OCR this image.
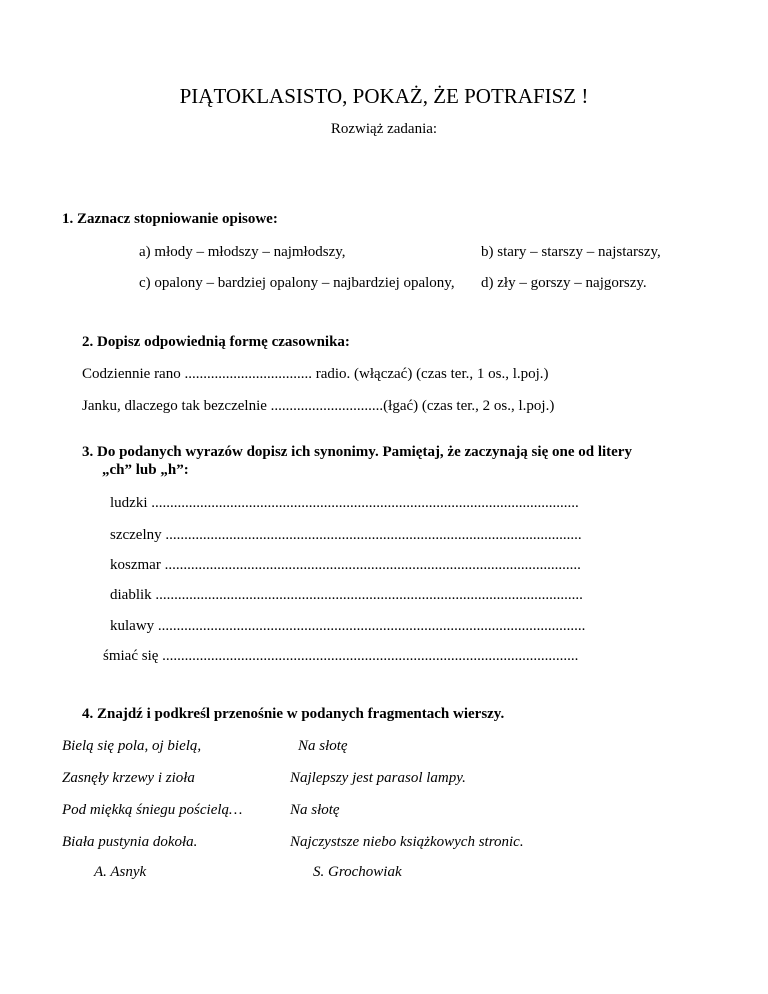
PIĄTOKLASISTO, POKAŻ, ŻE POTRAFISZ !
Rozwiąż zadania:
1. Zaznacz stopniowanie opisowe:
a) młody – młodszy – najmłodszy,	b) stary – starszy – najstarszy,
c) opalony – bardziej opalony – najbardziej opalony, d) zły – gorszy – najgorszy.
2. Dopisz odpowiednią formę czasownika:
Codziennie rano .................................. radio. (włączać) (czas ter., 1 os., l.poj.)
Janku, dlaczego tak bezczelnie ..............................(łgać) (czas ter., 2 os., l.poj.)
3. Do podanych wyrazów dopisz ich synonimy. Pamiętaj, że zaczynają się one od litery
„ch” lub „h”:
ludzki ..................................................................................................................
szczelny ...............................................................................................................
koszmar ...............................................................................................................
diablik ..................................................................................................................
kulawy ..................................................................................................................
śmiać się ...............................................................................................................
4. Znajdź i podkreśl przenośnie w podanych fragmentach wierszy.
Bielą się pola, oj bielą,
Zasnęły krzewy i zioła
Pod miękką śniegu pościelą…
Biała pustynia dokoła.
A. Asnyk
Na słotę
Najlepszy jest parasol lampy.
Na słotę
Najczystsze niebo książkowych stronic.
S. Grochowiak
